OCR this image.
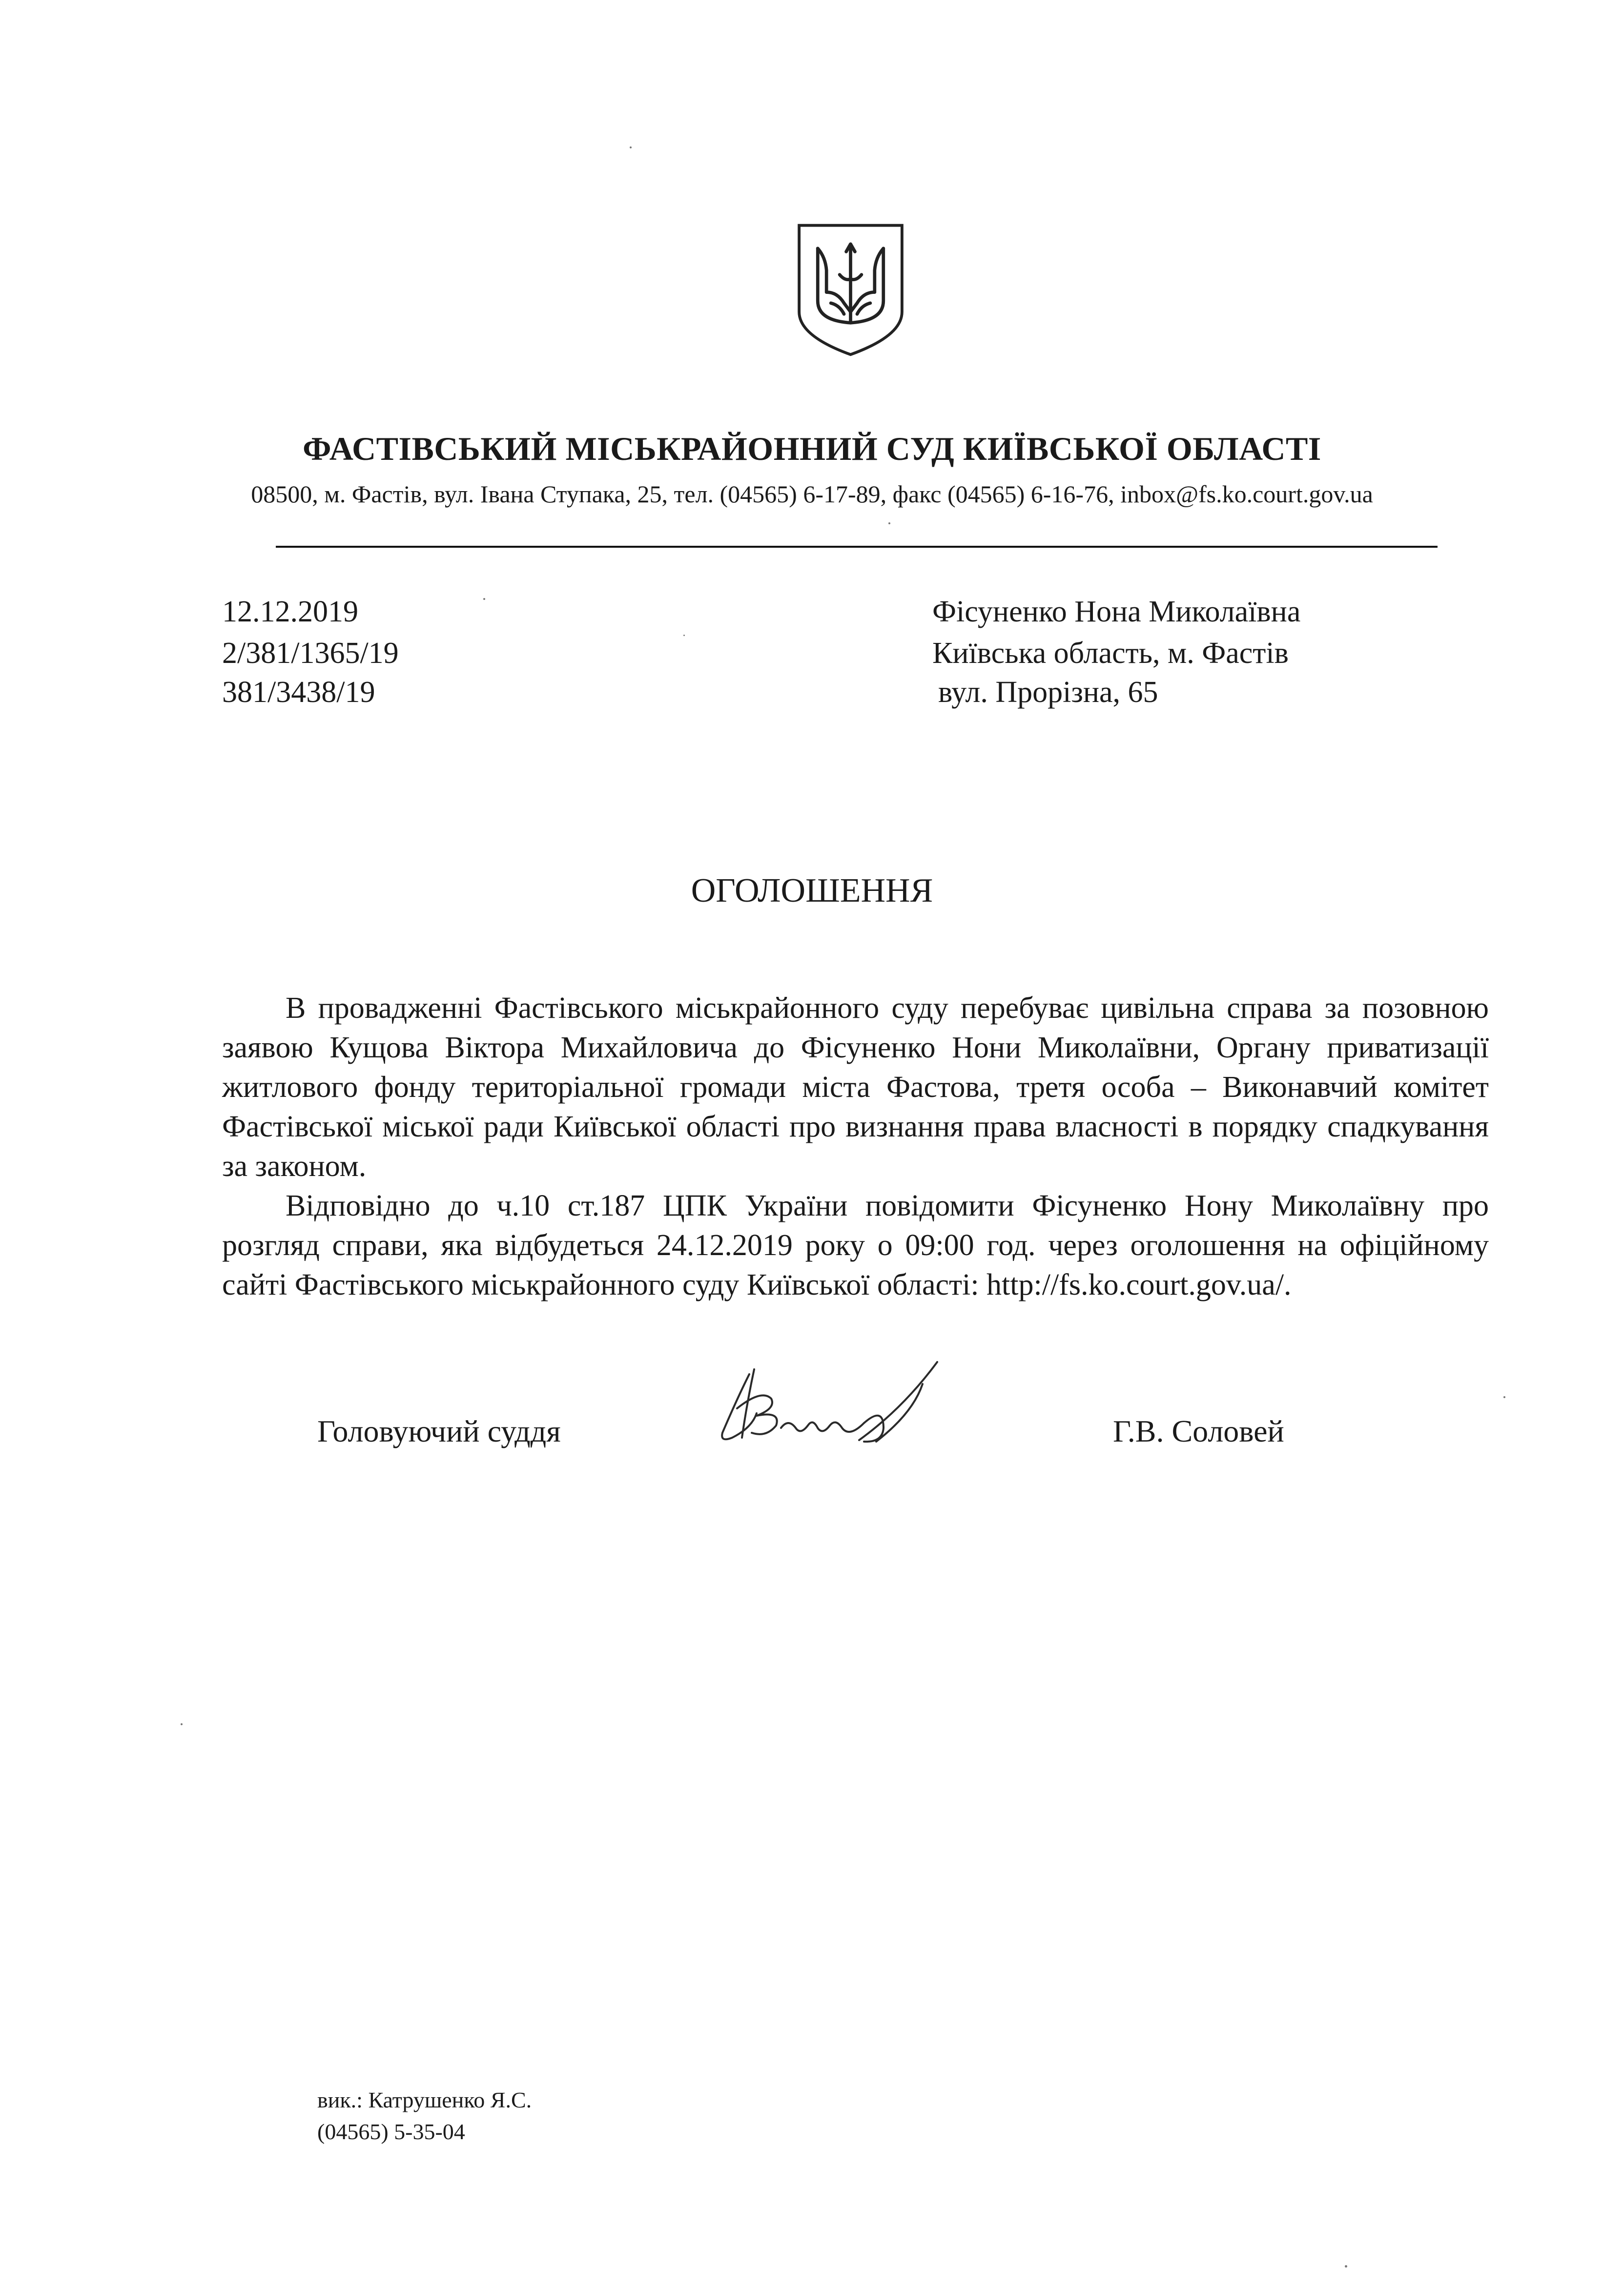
ФАСТІВСЬКИЙ МІСЬКРАЙОННИЙ СУД КИЇВСЬКОЇ ОБЛАСТІ
08500, м. Фастів, вул. Івана Ступака, 25, тел. (04565) 6-17-89, факс (04565) 6-16-76, inbox@fs.ko.court.gov.ua
12.12.2019
2/381/1365/19
381/3438/19
Фісуненко Нона Миколаївна
Київська область, м. Фастів
вул. Прорізна, 65
ОГОЛОШЕННЯ

В провадженні Фастівського міськрайонного суду перебуває цивільна справа за позовною заявою Кущова Віктора Михайловича до Фісуненко Нони Миколаївни, Органу приватизації житлового фонду територіальної громади міста Фастова, третя особа – Виконавчий комітет Фастівської міської ради Київської області про визнання права власності в порядку спадкування за законом.

Відповідно до ч.10 ст.187 ЦПК України повідомити Фісуненко Нону Миколаївну про розгляд справи, яка відбудеться 24.12.2019 року о 09:00 год. через оголошення на офіційному сайті Фастівського міськрайонного суду Київської області: http://fs.ko.court.gov.ua/.

Головуючий суддя	Г.В. Соловей
вик.: Катрушенко Я.С.
(04565) 5-35-04
